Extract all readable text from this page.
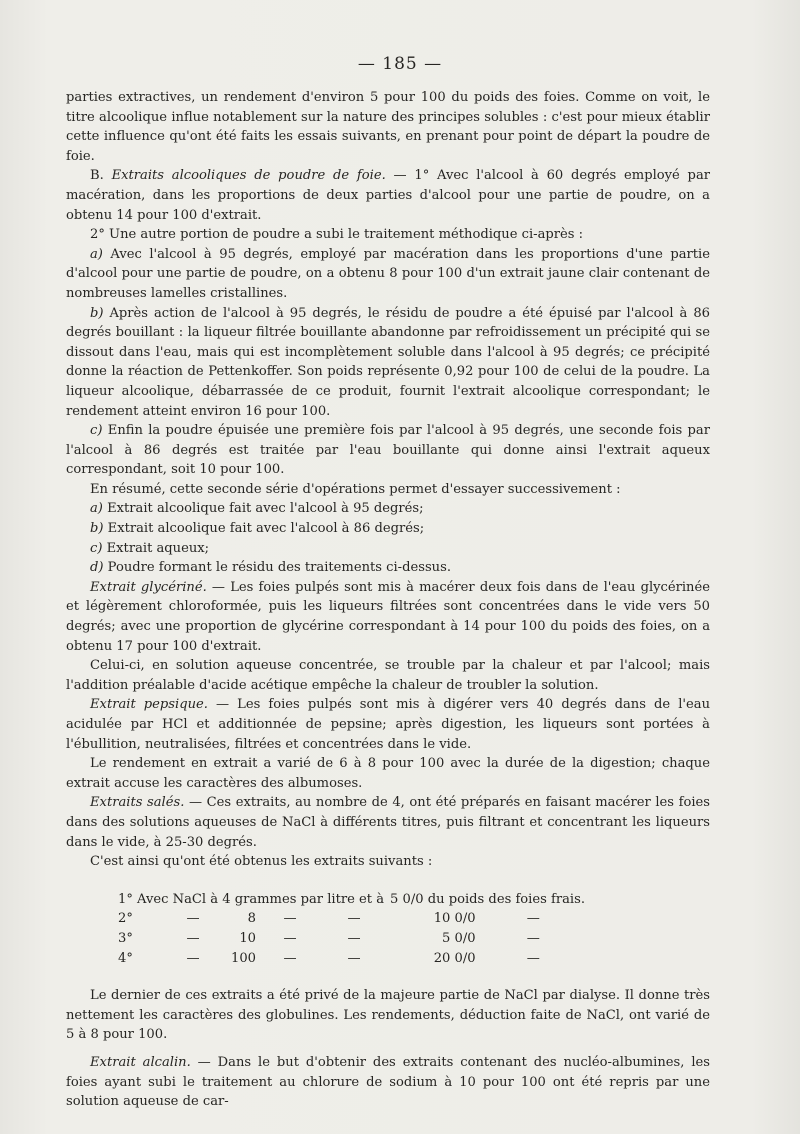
— 185 —

parties extractives, un rendement d'environ 5 pour 100 du poids des foies. Comme on voit, le titre alcoolique influe notablement sur la nature des principes solubles : c'est pour mieux établir cette influence qu'ont été faits les essais suivants, en prenant pour point de départ la poudre de foie.

B. Extraits alcooliques de poudre de foie. — 1° Avec l'alcool à 60 degrés employé par macération, dans les proportions de deux parties d'alcool pour une partie de poudre, on a obtenu 14 pour 100 d'extrait.

2° Une autre portion de poudre a subi le traitement méthodique ci-après :

a) Avec l'alcool à 95 degrés, employé par macération dans les proportions d'une partie d'alcool pour une partie de poudre, on a obtenu 8 pour 100 d'un extrait jaune clair contenant de nombreuses lamelles cristallines.

b) Après action de l'alcool à 95 degrés, le résidu de poudre a été épuisé par l'alcool à 86 degrés bouillant : la liqueur filtrée bouillante abandonne par refroidissement un précipité qui se dissout dans l'eau, mais qui est incomplètement soluble dans l'alcool à 95 degrés; ce précipité donne la réaction de Pettenkoffer. Son poids représente 0,92 pour 100 de celui de la poudre. La liqueur alcoolique, débarrassée de ce produit, fournit l'extrait alcoolique correspondant; le rendement atteint environ 16 pour 100.

c) Enfin la poudre épuisée une première fois par l'alcool à 95 degrés, une seconde fois par l'alcool à 86 degrés est traitée par l'eau bouillante qui donne ainsi l'extrait aqueux correspondant, soit 10 pour 100.

En résumé, cette seconde série d'opérations permet d'essayer successivement :

a) Extrait alcoolique fait avec l'alcool à 95 degrés;
b) Extrait alcoolique fait avec l'alcool à 86 degrés;
c) Extrait aqueux;
d) Poudre formant le résidu des traitements ci-dessus.

Extrait glycériné. — Les foies pulpés sont mis à macérer deux fois dans de l'eau glycérinée et légèrement chloroformée, puis les liqueurs filtrées sont concentrées dans le vide vers 50 degrés; avec une proportion de glycérine correspondant à 14 pour 100 du poids des foies, on a obtenu 17 pour 100 d'extrait.

Celui-ci, en solution aqueuse concentrée, se trouble par la chaleur et par l'alcool; mais l'addition préalable d'acide acétique empêche la chaleur de troubler la solution.

Extrait pepsique. — Les foies pulpés sont mis à digérer vers 40 degrés dans de l'eau acidulée par HCl et additionnée de pepsine; après digestion, les liqueurs sont portées à l'ébullition, neutralisées, filtrées et concentrées dans le vide.

Le rendement en extrait a varié de 6 à 8 pour 100 avec la durée de la digestion; chaque extrait accuse les caractères des albumoses.

Extraits salés. — Ces extraits, au nombre de 4, ont été préparés en faisant macérer les foies dans des solutions aqueuses de NaCl à différents titres, puis filtrant et concentrant les liqueurs dans le vide, à 25-30 degrés.

C'est ainsi qu'ont été obtenus les extraits suivants :

1° Avec NaCl à 4 grammes par litre et à					5 0/0 du poids des foies frais.	
2°	—	8	—	—	10 0/0	—
3°	—	10	—	—	5 0/0	—
4°	—	100	—	—	20 0/0	—

Le dernier de ces extraits a été privé de la majeure partie de NaCl par dialyse. Il donne très nettement les caractères des globulines. Les rendements, déduction faite de NaCl, ont varié de 5 à 8 pour 100.

Extrait alcalin. — Dans le but d'obtenir des extraits contenant des nucléo-albumines, les foies ayant subi le traitement au chlorure de sodium à 10 pour 100 ont été repris par une solution aqueuse de car-
